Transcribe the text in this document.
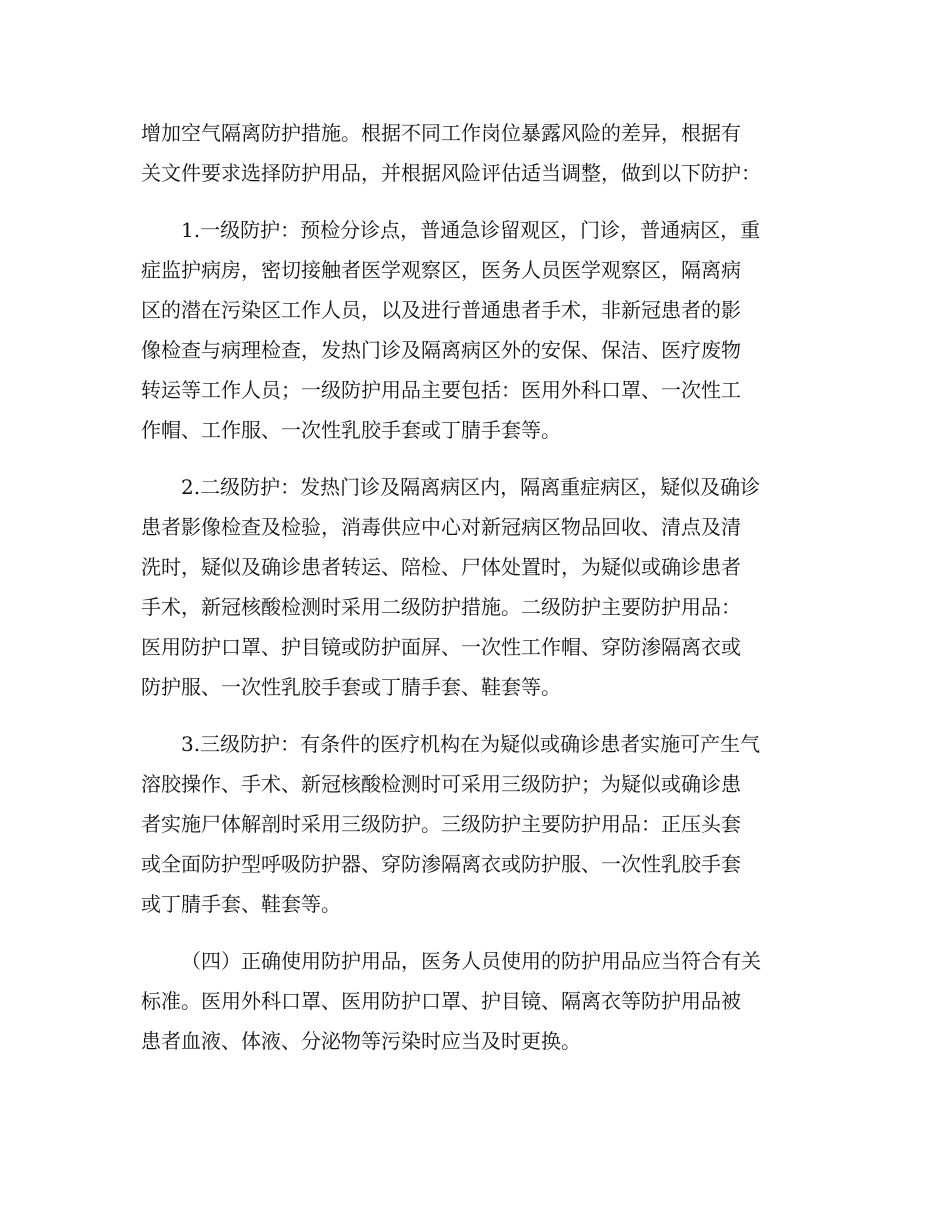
增加空气隔离防护措施。根据不同工作岗位暴露风险的差异，根据有
关文件要求选择防护用品，并根据风险评估适当调整，做到以下防护：
1.一级防护：预检分诊点，普通急诊留观区，门诊，普通病区，重
症监护病房，密切接触者医学观察区，医务人员医学观察区，隔离病
区的潜在污染区工作人员，以及进行普通患者手术，非新冠患者的影
像检查与病理检查，发热门诊及隔离病区外的安保、保洁、医疗废物
转运等工作人员；一级防护用品主要包括：医用外科口罩、一次性工
作帽、工作服、一次性乳胶手套或丁腈手套等。
2.二级防护：发热门诊及隔离病区内，隔离重症病区，疑似及确诊
患者影像检查及检验，消毒供应中心对新冠病区物品回收、清点及清
洗时，疑似及确诊患者转运、陪检、尸体处置时，为疑似或确诊患者
手术，新冠核酸检测时采用二级防护措施。二级防护主要防护用品：
医用防护口罩、护目镜或防护面屏、一次性工作帽、穿防渗隔离衣或
防护服、一次性乳胶手套或丁腈手套、鞋套等。
3.三级防护：有条件的医疗机构在为疑似或确诊患者实施可产生气
溶胶操作、手术、新冠核酸检测时可采用三级防护；为疑似或确诊患
者实施尸体解剖时采用三级防护。三级防护主要防护用品：正压头套
或全面防护型呼吸防护器、穿防渗隔离衣或防护服、一次性乳胶手套
或丁腈手套、鞋套等。
（四）正确使用防护用品，医务人员使用的防护用品应当符合有关
标准。医用外科口罩、医用防护口罩、护目镜、隔离衣等防护用品被
患者血液、体液、分泌物等污染时应当及时更换。
